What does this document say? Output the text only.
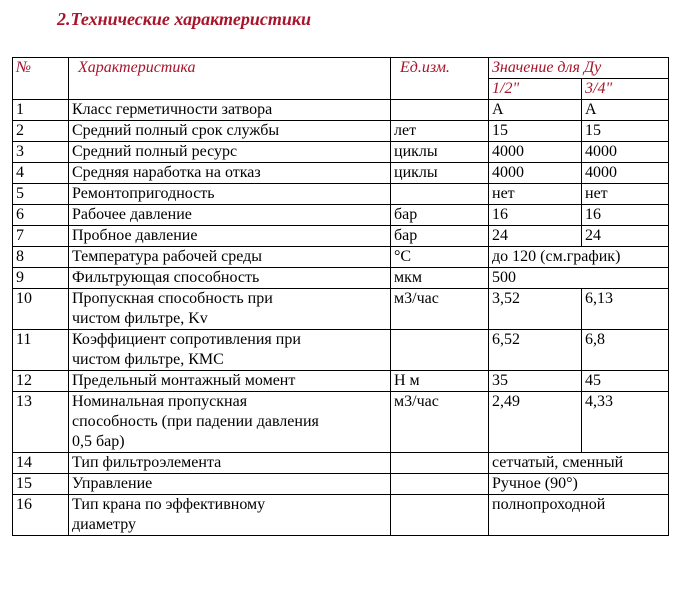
2.Технические характеристики
№	Характеристика	Ед.изм.	Значение для Ду	
			1/2"	3/4"
1	Класс герметичности затвора		A	A
2	Средний полный срок службы	лет	15	15
3	Средний полный ресурс	циклы	4000	4000
4	Средняя наработка на отказ	циклы	4000	4000
5	Ремонтопригодность		нет	нет
6	Рабочее давление	бар	16	16
7	Пробное давление	бар	24	24
8	Температура рабочей среды	°С	до 120 (см.график)	
9	Фильтрующая способность	мкм	500	
10	Пропускная способность при
чистом фильтре, Kv	м3/час	3,52	6,13
11	Коэффициент сопротивления при
чистом фильтре, КМС		6,52	6,8
12	Предельный монтажный момент	Н м	35	45
13	Номинальная пропускная
способность (при падении давления
0,5 бар)	м3/час	2,49	4,33
14	Тип фильтроэлемента		сетчатый, сменный	
15	Управление		Ручное (90°)	
16	Тип крана по эффективному
диаметру		полнопроходной	
